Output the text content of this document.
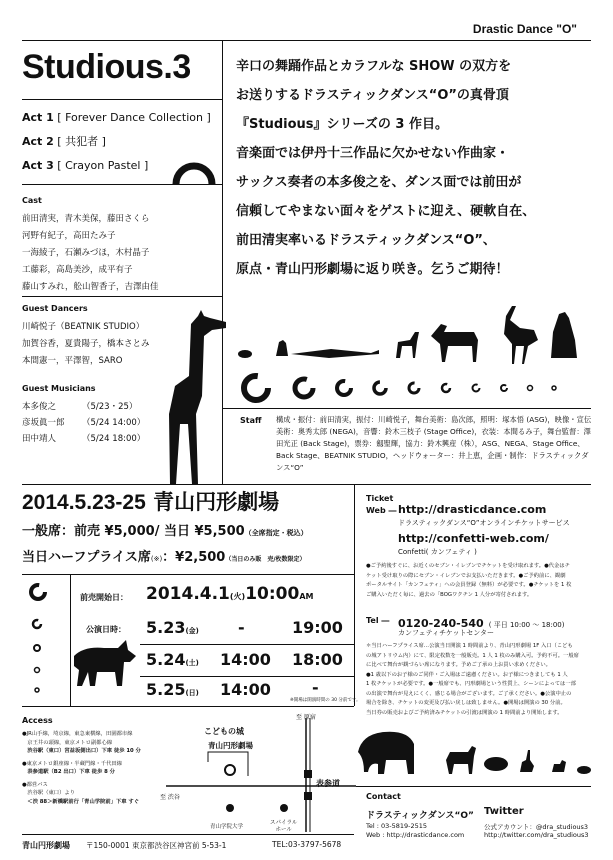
Drastic Dance "O"
Studious.3
Act 1 [ Forever Dance Collection ]
Act 2 [ 共犯者 ]
Act 3 [ Crayon Pastel ]
辛口の舞踊作品とカラフルな SHOW の双方を
お送りするドラスティックダンス“O”の真骨頂
『Studious』シリーズの 3 作目。
音楽面では伊丹十三作品に欠かせない作曲家・
サックス奏者の本多俊之を、ダンス面では前田が
信頼してやまない面々をゲストに迎え、硬軟自在、
前田清実率いるドラスティックダンス“O”、
原点・青山円形劇場に返り咲き。乞うご期待！
Cast
前田清実，青木美保，藤田さくら
河野有紀子，高田たみ子
一海綾子，石瀬みづほ，木村晶子
工藤彩，高島美沙，成平有子
藤山すみれ，舩山智香子，吉澤由佳
Guest Dancers
川崎悦子（BEATNIK STUDIO）
加賀谷香，夏貴陽子，橋本さとみ
本間憲一，平澤智，SARO
Guest Musicians
本多俊之	（5/23・25）
彦坂眞一郎 （5/24 14:00）
田中靖人	（5/24 18:00）
Staff 構成・振付：前田清実，振付：川崎悦子，舞台美術：島次郎，照明：塚本悟 (ASG)，映像・宣伝美術：奥秀太郎 (NEGA)，音響：鈴木三枝子 (Stage Office)，衣装：本間るみ子，舞台監督：澤田光正 (Back Stage)，票券：劔聖輝，協力：鈴木興産（株），ASG、NEGA、Stage Office、Back Stage、BEATNIK STUDIO，ヘッドウォーター：井上恵，企画・制作：ドラスティックダンス“O”
2014.5.23-25 青山円形劇場
一般席：前売 ¥5,000/ 当日 ¥5,500（全席指定・税込）
当日ハーフプライス席(※)：¥2,500（当日のみ販　売/枚数限定）
前売開始日： 2014.4.1(火)10:00AM
公演日時： 5.23(金) -	19:00
5.24(土) 14:00 18:00
5.25(日) 14:00	-
※開場は開演時間の 30 分前です。
Ticket
Web ― http://drasticdance.com
ドラスティックダンス“O”オンラインチケットサービス
http://confetti-web.com/
Confetti( カンフェティ )
●ご予約後すぐに、お近くのセブン・イレブンでチケットを受け取れます。●代金はチ
ケット受け取りの際にセブン・イレブンでお支払いただきます。●ご予約前に、観劇
ポータルサイト「カンフェティ」への会員登録（無料）が必要です。●チケットを 1 枚
ご購入いただく毎に、過去の「BOGワクチン 1 人分が寄付されます。
Tel ― 0120-240-540 ( 平日 10:00 ～ 18:00)
カンフェティチケットセンター
＊当日ハーフプライス席…公演当日開演 1 時間前より、青山円形劇場 1F 入口（こども
の城アトリウム内）にて、限定枚数を一般販売。1 人 1 枚のみ購入可。予約不可。一般席
に比べて舞台が観づらい席になります。予めご了承の上お買い求めください。
●1 歳以下のお子様のご同伴・ご入場はご遠慮ください。お子様につきましても 1 人
1 枚チケットが必要です。●一般席でも、円形劇場という性質上、シーンによっては一部
の出演で舞台が見えにくく、感じる場合がございます。ご了承ください。●公演中止の
場合を除き、チケットの変更及び払い戻しは致しません。●開場は開演の 30 分前。
当日券の販売およびご予約済みチケットの引渡は開演の 1 時間前より開始します。
Access
●JR山手線，埼京線，東急東横線，田園都市線
　京王井の頭線，東京メトロ副都心線
　渋谷駅（東口）宮益坂側出口）下車 徒歩 10 分
●東京メトロ銀座線・半蔵門線・千代田線
　表参道駅（B2 出口）下車 徒歩 8 分
●都営バス
　渋谷駅（東口）より
　＜渋 88＞新橋駅前行「青山学院前」下車 すぐ
こどもの城
青山円形劇場
至 渋谷
至 原宿
表参道
青山学院大学
スパイラル
ホール
Contact
ドラスティックダンス“O”
Tel : 03-5819-2515
Web : http://drasticdance.com
Twitter
公式アカウント：@dra_studious3
http://twitter.com/dra_studious3
青山円形劇場 〒150-0001 東京都渋谷区神宮前 5-53-1	TEL:03-3797-5678
